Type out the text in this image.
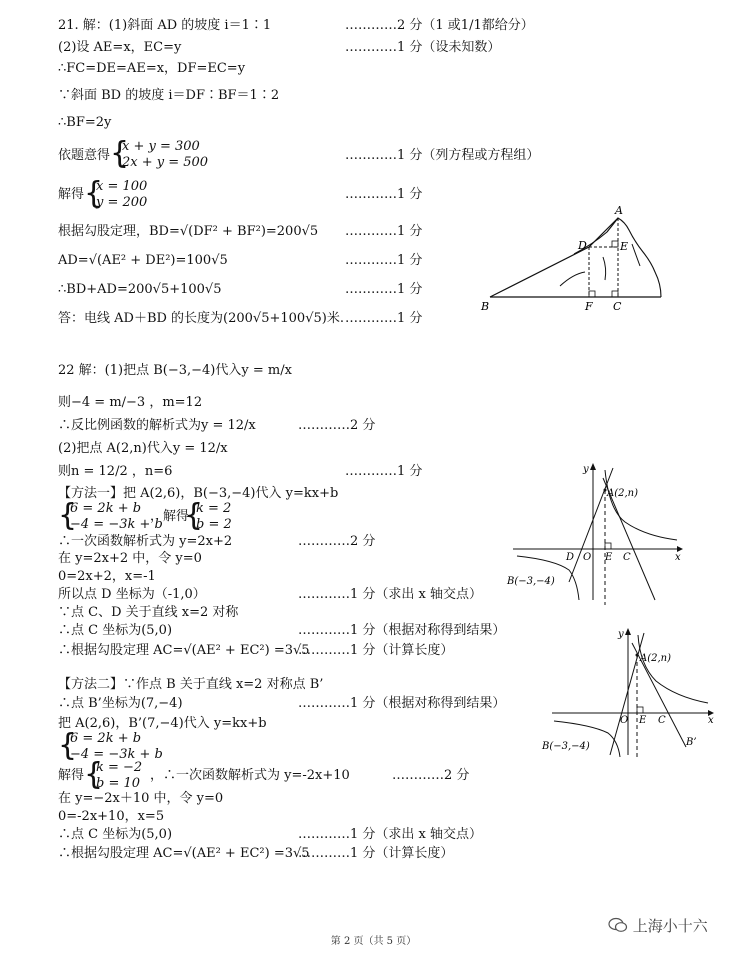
21. 解：(1)斜面 AD 的坡度 i＝1∶1	…………2 分（1 或1/1都给分）
(2)设 AE=x，EC=y	…………1 分（设未知数）
∴FC=DE=AE=x，DF=EC=y
∵斜面 BD 的坡度 i＝DF∶BF＝1∶2
∴BF=2y
依题意得 {
x + y = 300
2x + y = 500	…………1 分（列方程或方程组）
解得 {
x = 100
y = 200
…………1 分
根据勾股定理，BD=√(DF² + BF²)=200√5 …………1 分
AD=√(AE² + DE²)=100√5	…………1 分
∴BD+AD=200√5+100√5	…………1 分
答：电线 AD＋BD 的长度为(200√5+100√5)米. …………1 分
A
B	C
D	E
F
22 解：(1)把点 B(−3,−4)代入y = m/x
则−4 = m/−3 ，m=12
∴反比例函数的解析式为y = 12/x	…………2 分
(2)把点 A(2,n)代入y = 12/x
则n = 12/2 ，n=6	…………1 分
【方法一】把 A(2,6)，B(−3,−4)代入 y=kx+b
{
6 = 2k + b
−4 = −3k + b
，解得
{
k = 2
b = 2
∴一次函数解析式为 y=2x+2	…………2 分
在 y=2x+2 中，令 y=0
0=2x+2，x=-1
所以点 D 坐标为（-1,0）	…………1 分（求出 x 轴交点）
∵点 C、D 关于直线 x=2 对称
∴点 C 坐标为(5,0)	…………1 分（根据对称得到结果）
∴根据勾股定理 AC=√(AE² + EC²) =3√5
…………1 分（计算长度）
【方法二】∵作点 B 关于直线 x=2 对称点 B’
∴点 B’坐标为(7,−4)	…………1 分（根据对称得到结果）
把 A(2,6)，B’(7,−4)代入 y=kx+b
{
6 = 2k + b
−4 = −3k + b
解得 {
k = −2
b = 10
，∴一次函数解析式为 y=-2x+10	…………2 分
在 y=−2x＋10 中，令 y=0
0=-2x+10，x=5
∴点 C 坐标为(5,0)	…………1 分（求出 x 轴交点）
∴根据勾股定理 AC=√(AE² + EC²) =3√5
…………1 分（计算长度）
y
x
A(2,n)
B(−3,−4)
D O E C
y
x
A(2,n)
B(−3,−4)	B’
O E C
第 2 页（共 5 页）
上海小十六
